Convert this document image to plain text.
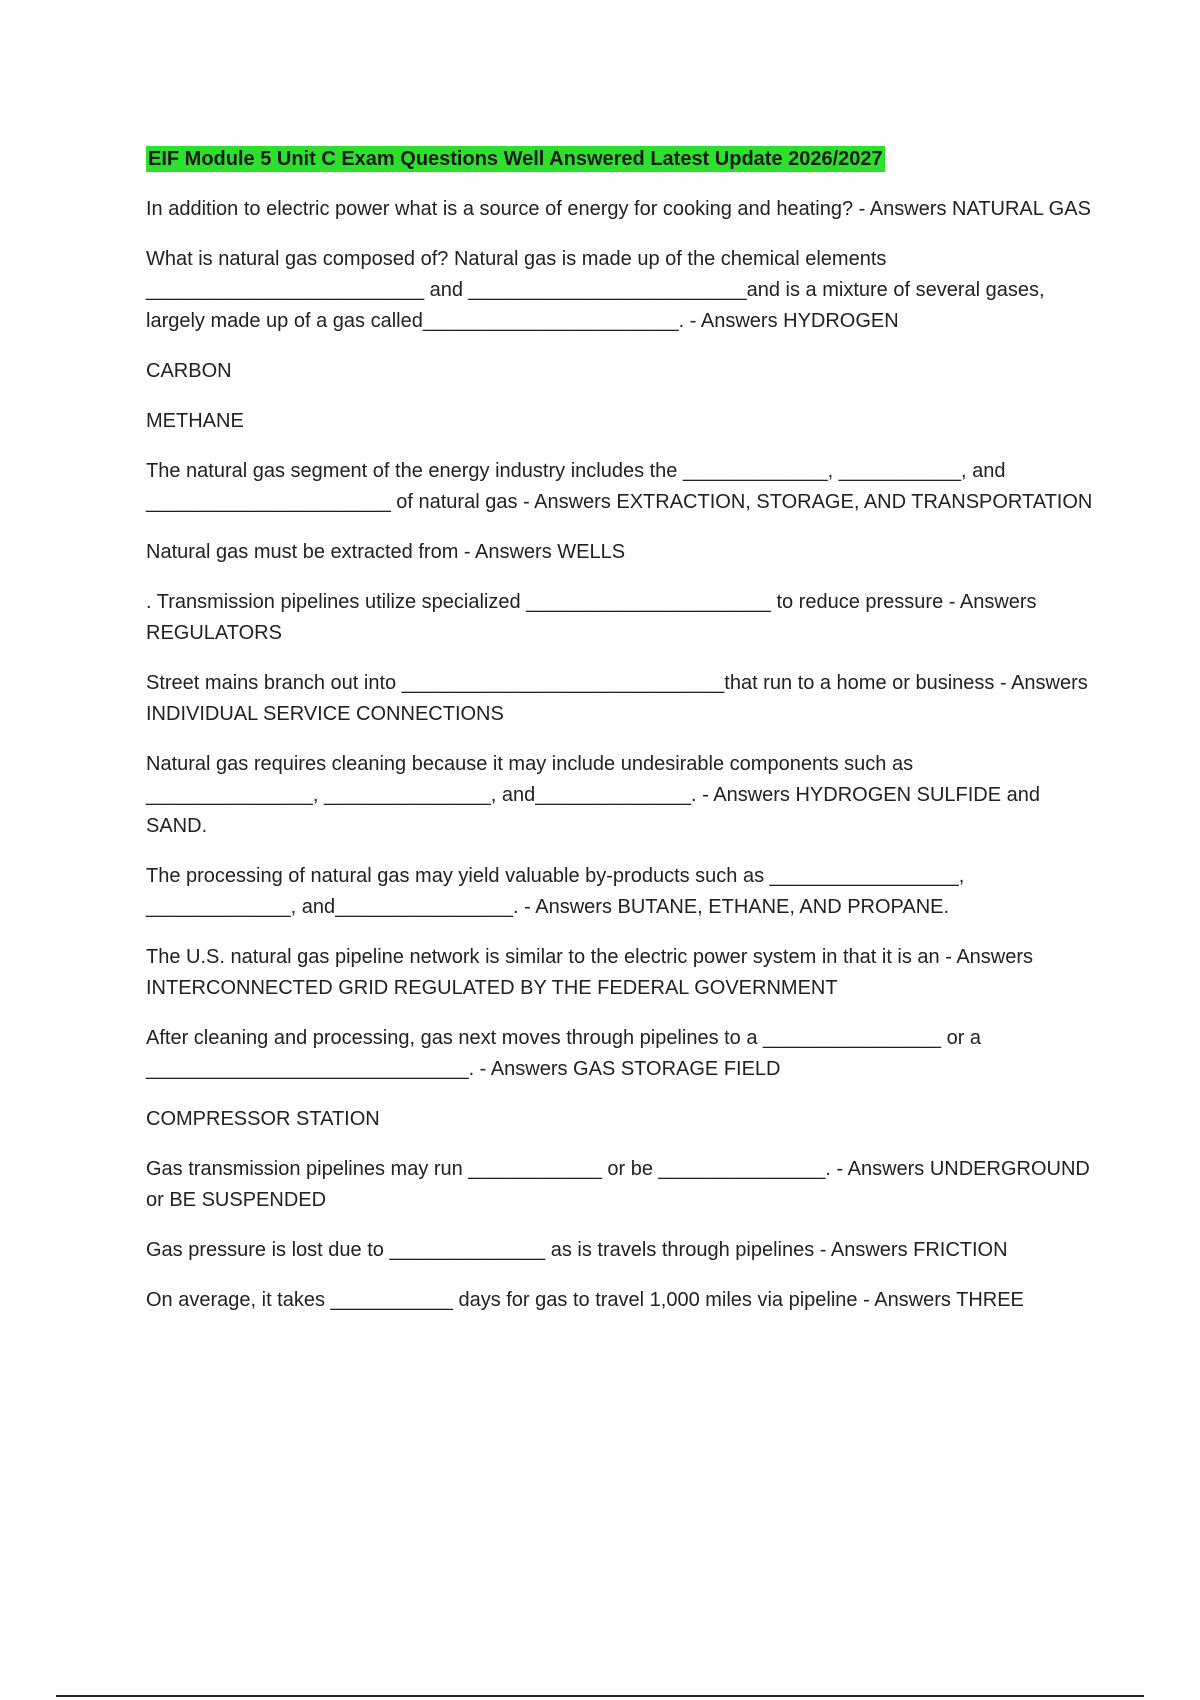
EIF Module 5 Unit C Exam Questions Well Answered Latest Update 2026/2027

In addition to electric power what is a source of energy for cooking and heating? - Answers NATURAL GAS

What is natural gas composed of? Natural gas is made up of the chemical elements
_________________________ and _________________________and is a mixture of several gases, largely made up of a gas called_______________________. - Answers HYDROGEN

CARBON

METHANE

The natural gas segment of the energy industry includes the _____________, ___________, and
______________________ of natural gas - Answers EXTRACTION, STORAGE, AND TRANSPORTATION

Natural gas must be extracted from - Answers WELLS

. Transmission pipelines utilize specialized ______________________ to reduce pressure - Answers REGULATORS

Street mains branch out into _____________________________that run to a home or business - Answers INDIVIDUAL SERVICE CONNECTIONS

Natural gas requires cleaning because it may include undesirable components such as
_______________, _______________, and______________. - Answers HYDROGEN SULFIDE and SAND.

The processing of natural gas may yield valuable by-products such as _________________,
_____________, and________________. - Answers BUTANE, ETHANE, AND PROPANE.

The U.S. natural gas pipeline network is similar to the electric power system in that it is an - Answers INTERCONNECTED GRID REGULATED BY THE FEDERAL GOVERNMENT

After cleaning and processing, gas next moves through pipelines to a ________________ or a
_____________________________. - Answers GAS STORAGE FIELD

COMPRESSOR STATION

Gas transmission pipelines may run ____________ or be _______________. - Answers UNDERGROUND or BE SUSPENDED

Gas pressure is lost due to ______________ as is travels through pipelines - Answers FRICTION

On average, it takes ___________ days for gas to travel 1,000 miles via pipeline - Answers THREE
